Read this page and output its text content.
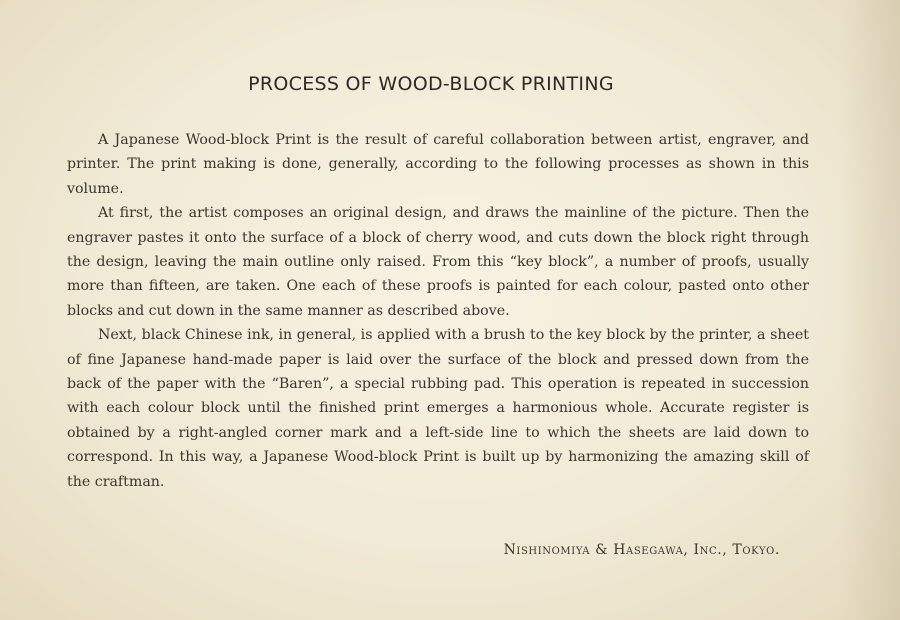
PROCESS OF WOOD-BLOCK PRINTING

A Japanese Wood-block Print is the result of careful collaboration between artist, engraver, and printer. The print making is done, generally, according to the following processes as shown in this volume.

At first, the artist composes an original design, and draws the mainline of the picture. Then the engraver pastes it onto the surface of a block of cherry wood, and cuts down the block right through the design, leaving the main outline only raised. From this “key block”, a number of proofs, usually more than fifteen, are taken. One each of these proofs is painted for each colour, pasted onto other blocks and cut down in the same manner as described above.

Next, black Chinese ink, in general, is applied with a brush to the key block by the printer, a sheet of fine Japanese hand-made paper is laid over the surface of the block and pressed down from the back of the paper with the “Baren”, a special rubbing pad. This operation is repeated in succession with each colour block until the finished print emerges a harmonious whole. Accurate register is obtained by a right-angled corner mark and a left-side line to which the sheets are laid down to correspond. In this way, a Japanese Wood-block Print is built up by harmonizing the amazing skill of the craftman.

Nishinomiya & Hasegawa, Inc., Tokyo.
